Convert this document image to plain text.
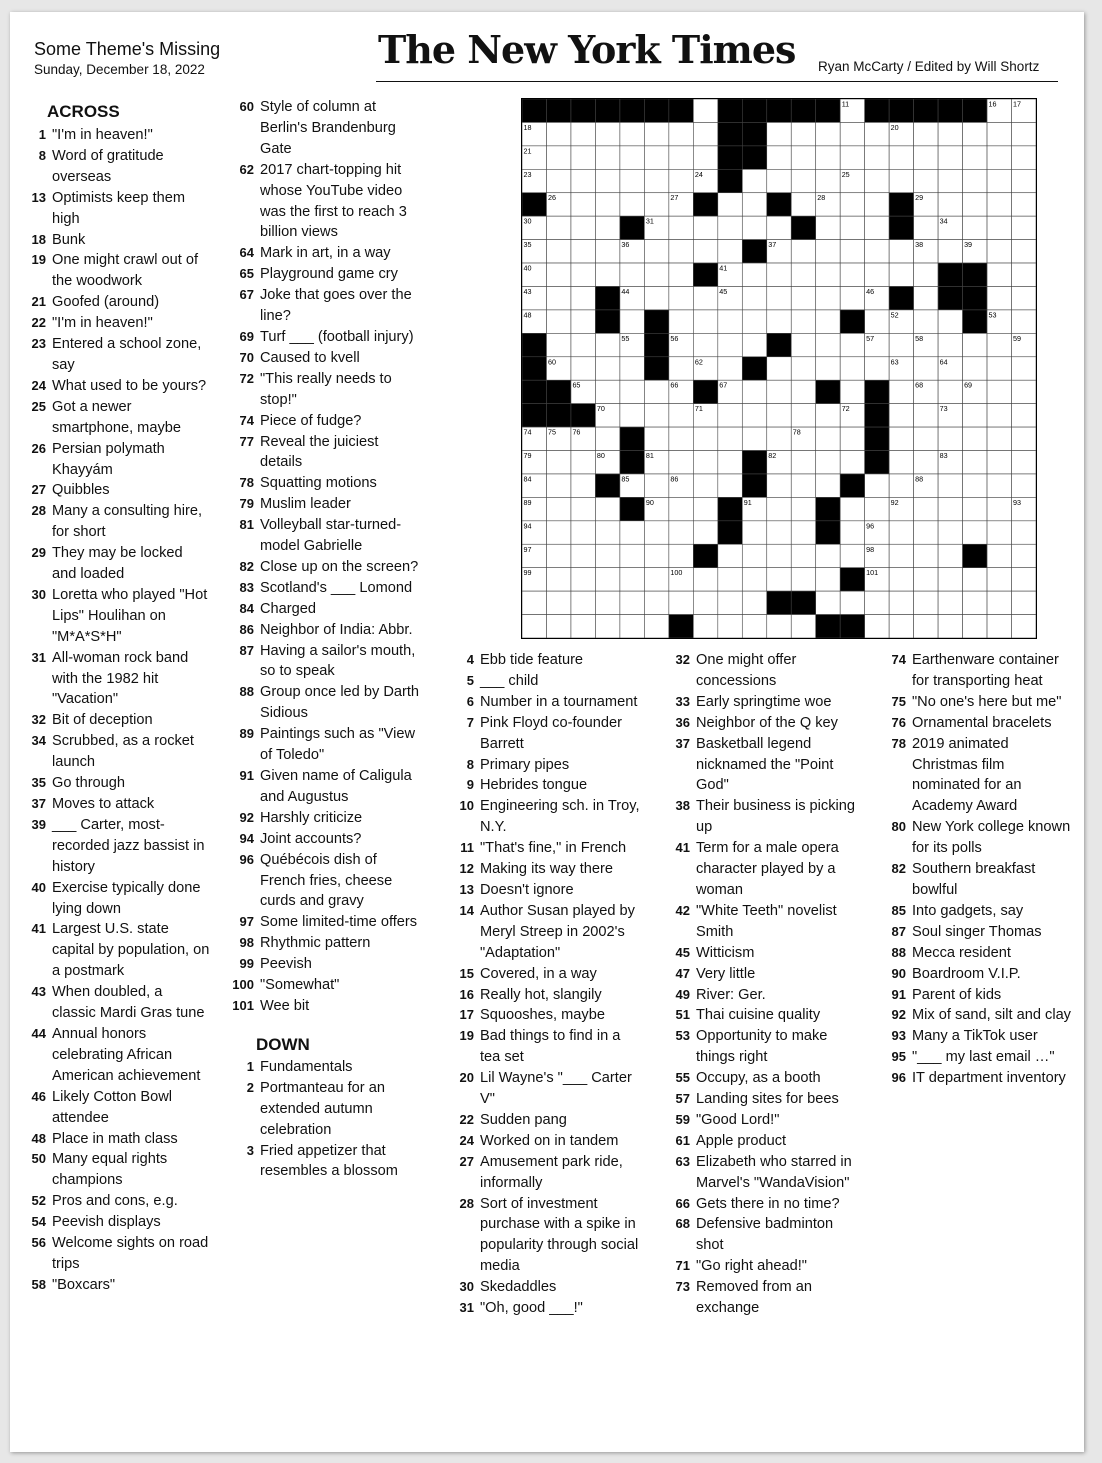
Some Theme's Missing
Sunday, December 18, 2022	The New York Times Ryan McCarty / Edited by Will Shortz
ACROSS
1 "I'm in heaven!"
8 Word of gratitude overseas
13 Optimists keep them high
18 Bunk
19 One might crawl out of the woodwork
21 Goofed (around)
22 "I'm in heaven!"
23 Entered a school zone, say
24 What used to be yours?
25 Got a newer smartphone, maybe
26 Persian polymath Khayyám
27 Quibbles
28 Many a consulting hire, for short
29 They may be locked and loaded
30 Loretta who played "Hot Lips" Houlihan on "M*A*S*H"
31 All-woman rock band with the 1982 hit "Vacation"
32 Bit of deception
34 Scrubbed, as a rocket launch
35 Go through
37 Moves to attack
39 ___ Carter, most-recorded jazz bassist in history
40 Exercise typically done lying down
41 Largest U.S. state capital by population, on a postmark
43 When doubled, a classic Mardi Gras tune
44 Annual honors celebrating African American achievement
46 Likely Cotton Bowl attendee
48 Place in math class
50 Many equal rights champions
52 Pros and cons, e.g.
54 Peevish displays
56 Welcome sights on road trips
58 "Boxcars"
60 Style of column at Berlin's Brandenburg Gate
62 2017 chart-topping hit whose YouTube video was the first to reach 3 billion views
64 Mark in art, in a way
65 Playground game cry
67 Joke that goes over the line?
69 Turf ___ (football injury)
70 Caused to kvell
72 "This really needs to stop!"
74 Piece of fudge?
77 Reveal the juiciest details
78 Squatting motions
79 Muslim leader
81 Volleyball star-turned-model Gabrielle
82 Close up on the screen?
83 Scotland's ___ Lomond
84 Charged
86 Neighbor of India: Abbr.
87 Having a sailor's mouth, so to speak
88 Group once led by Darth Sidious
89 Paintings such as "View of Toledo"
91 Given name of Caligula and Augustus
92 Harshly criticize
94 Joint accounts?
96 Québécois dish of French fries, cheese curds and gravy
97 Some limited-time offers
98 Rhythmic pattern
99 Peevish
100 "Somewhat"
101 Wee bit
DOWN
1 Fundamentals
2 Portmanteau for an extended autumn celebration
3 Fried appetizer that resembles a blossom
4 Ebb tide feature
5 ___ child
6 Number in a tournament
7 Pink Floyd co-founder Barrett
8 Primary pipes
9 Hebrides tongue
10 Engineering sch. in Troy, N.Y.
11 "That's fine," in French
12 Making its way there
13 Doesn't ignore
14 Author Susan played by Meryl Streep in 2002's "Adaptation"
15 Covered, in a way
16 Really hot, slangily
17 Squooshes, maybe
19 Bad things to find in a tea set
20 Lil Wayne's "___ Carter V"
22 Sudden pang
24 Worked on in tandem
27 Amusement park ride, informally
28 Sort of investment purchase with a spike in popularity through social media
30 Skedaddles
31 "Oh, good ___!"
32 One might offer concessions
33 Early springtime woe
36 Neighbor of the Q key
37 Basketball legend nicknamed the "Point God"
38 Their business is picking up
41 Term for a male opera character played by a woman
42 "White Teeth" novelist Smith
45 Witticism
47 Very little
49 River: Ger.
51 Thai cuisine quality
53 Opportunity to make things right
55 Occupy, as a booth
57 Landing sites for bees
59 "Good Lord!"
61 Apple product
63 Elizabeth who starred in Marvel's "WandaVision"
66 Gets there in no time?
68 Defensive badminton shot
71 "Go right ahead!"
73 Removed from an exchange
74 Earthenware container for transporting heat
75 "No one's here but me"
76 Ornamental bracelets
78 2019 animated Christmas film nominated for an Academy Award
80 New York college known for its polls
82 Southern breakfast bowlful
85 Into gadgets, say
87 Soul singer Thomas
88 Mecca resident
90 Boardroom V.I.P.
91 Parent of kids
92 Mix of sand, silt and clay
93 Many a TikTok user
95 "___ my last email …"
96 IT department inventory
1	2	3	4	5	6	7	8	9	10 11 12	13 14 15 16 17
18	19	20
21	22
23	24	25
26	27	28	29
30	31	32	33	34
35	36	37	38	39
40	41	42
43	44	45	46	47
48	49	50	51	52	53
54	55	56	57	58	59
60	61	62	63	64
65	66	67	68	69
70	71	72	73
74 75 76	77	78
79	80	81	82	83
84	85	86	87	88
89	90	91	92	93
94	95	96
97	98
99	100	101
